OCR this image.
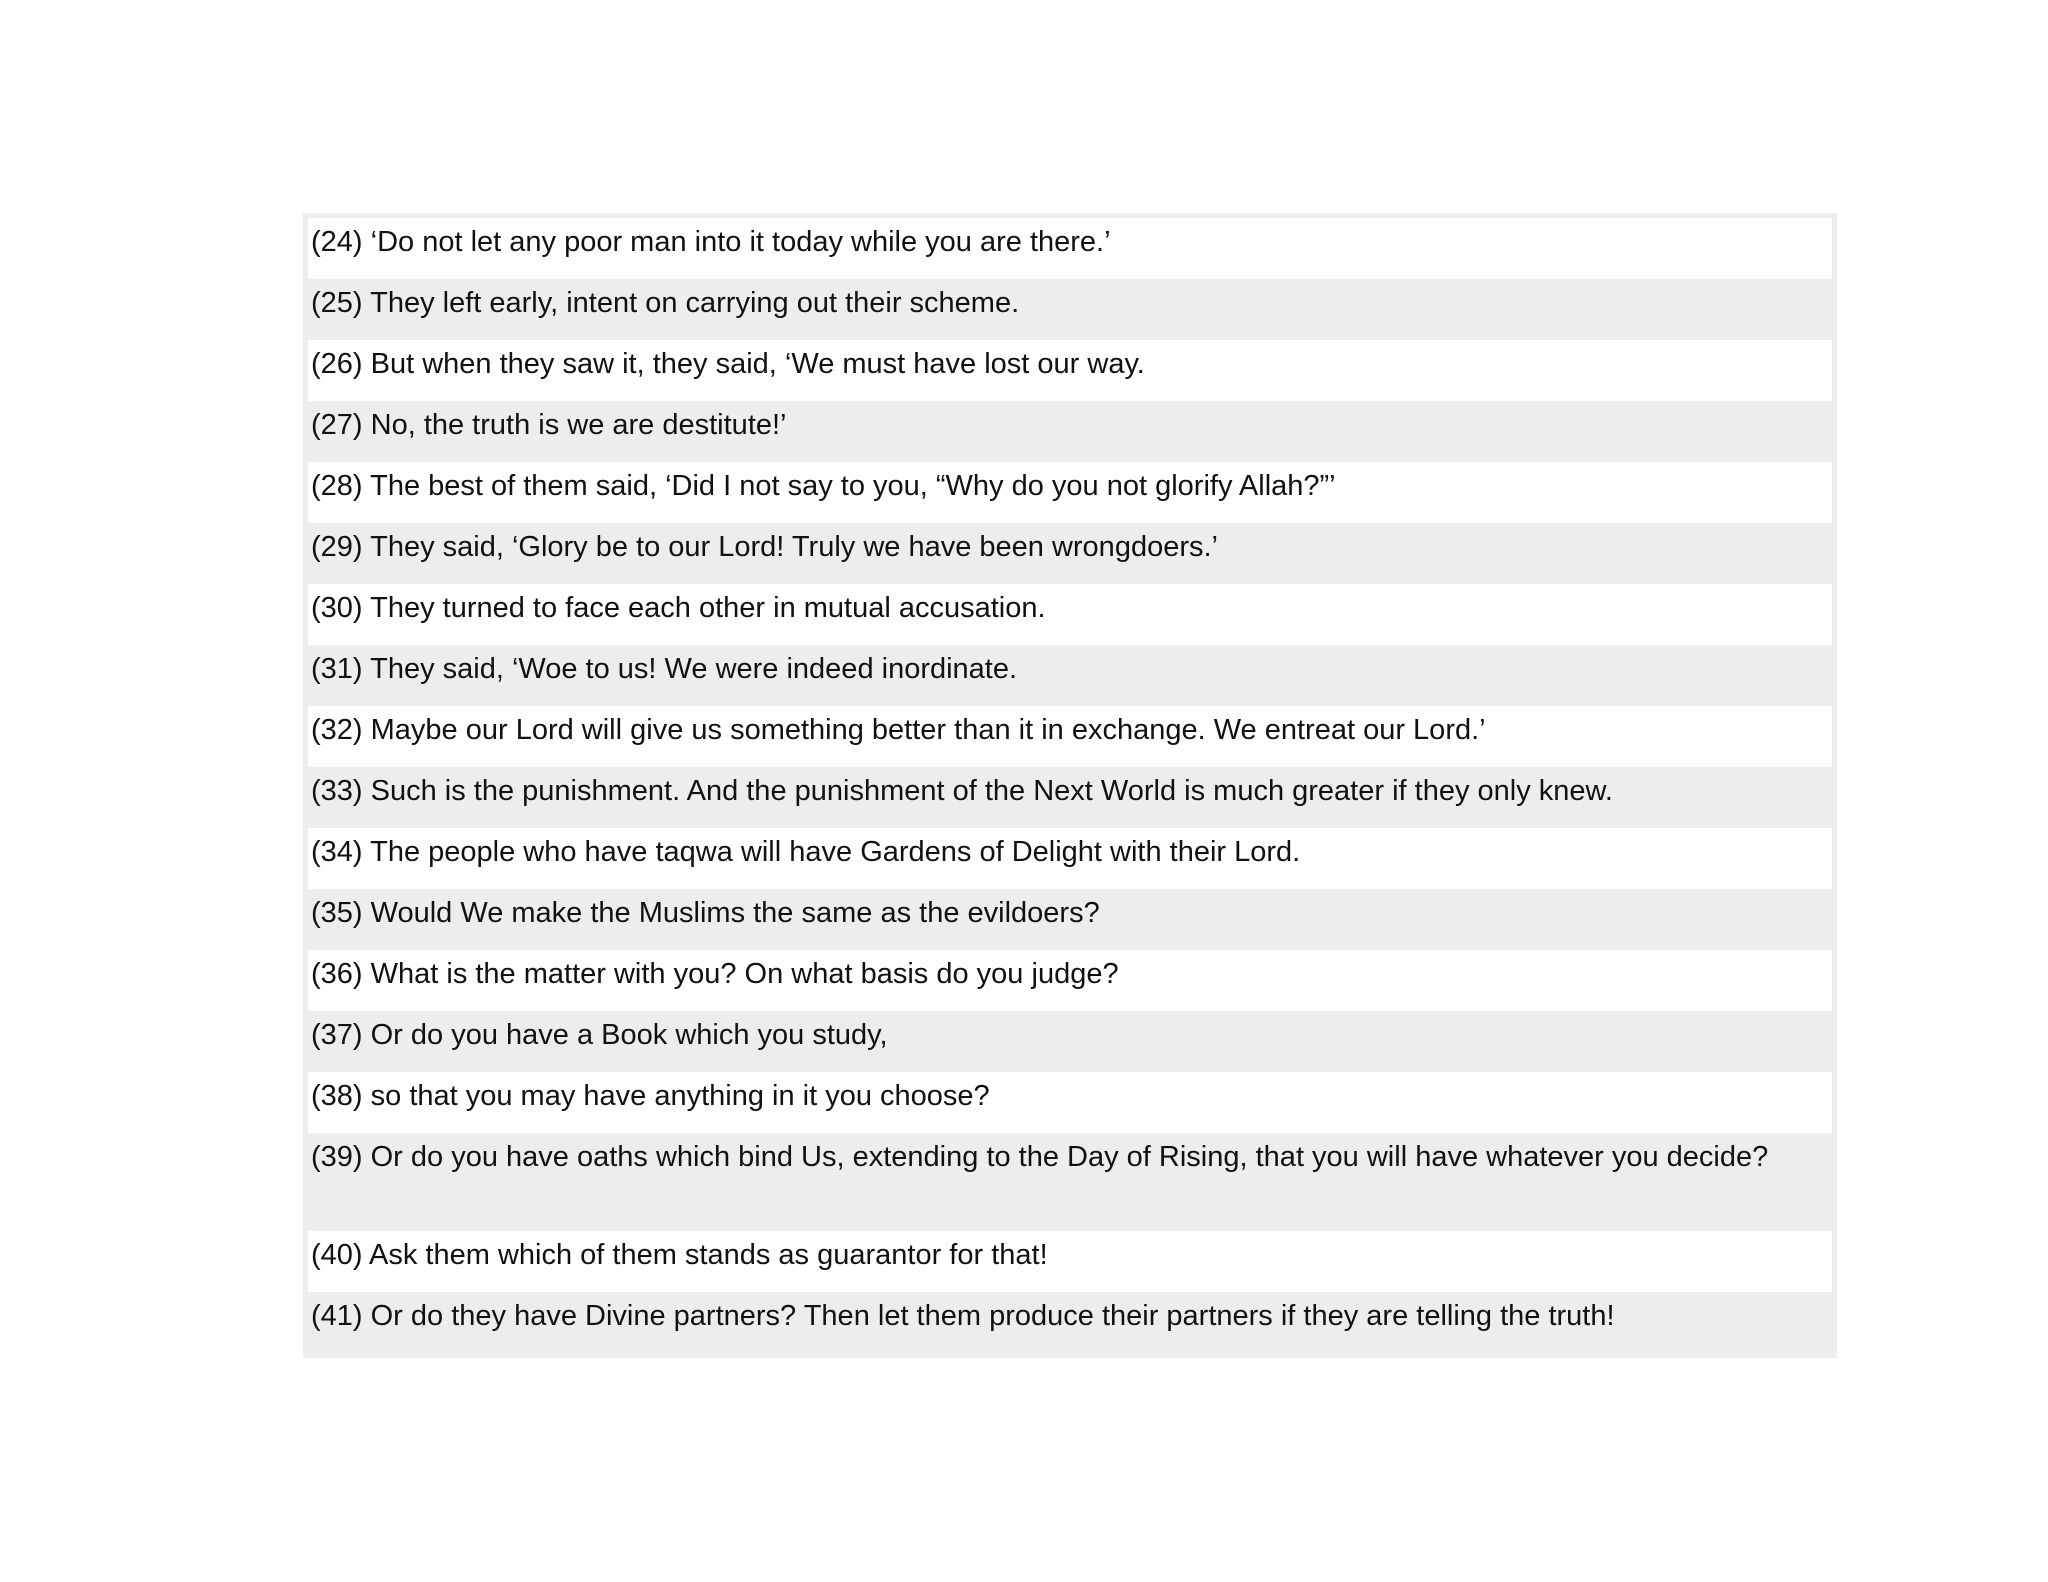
(24) ‘Do not let any poor man into it today while you are there.’
(25) They left early, intent on carrying out their scheme.
(26) But when they saw it, they said, ‘We must have lost our way.
(27) No, the truth is we are destitute!’
(28) The best of them said, ‘Did I not say to you, “Why do you not glorify Allah?”’
(29) They said, ‘Glory be to our Lord! Truly we have been wrongdoers.’
(30) They turned to face each other in mutual accusation.
(31) They said, ‘Woe to us! We were indeed inordinate.
(32) Maybe our Lord will give us something better than it in exchange. We entreat our Lord.’
(33) Such is the punishment. And the punishment of the Next World is much greater if they only knew.
(34) The people who have taqwa will have Gardens of Delight with their Lord.
(35) Would We make the Muslims the same as the evildoers?
(36) What is the matter with you? On what basis do you judge?
(37) Or do you have a Book which you study,
(38) so that you may have anything in it you choose?
(39) Or do you have oaths which bind Us, extending to the Day of Rising, that you will have whatever you decide?
(40) Ask them which of them stands as guarantor for that!
(41) Or do they have Divine partners? Then let them produce their partners if they are telling the truth!
